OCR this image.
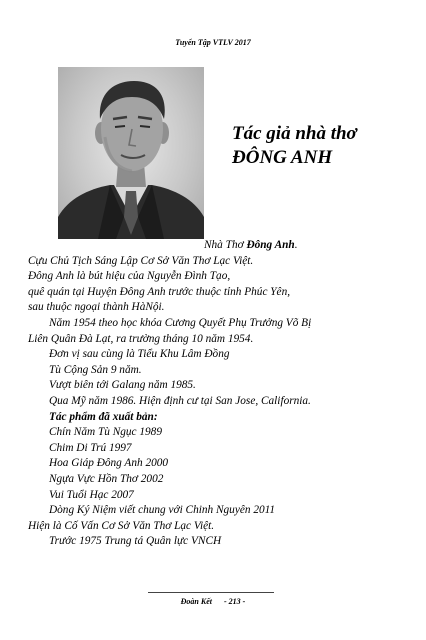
Tuyển Tập VTLV 2017
Tác giả nhà thơ
ĐÔNG ANH
Nhà Thơ Đông Anh.
Cựu Chủ Tịch Sáng Lập Cơ Sở Văn Thơ Lạc Việt.
Đông Anh là bút hiệu của Nguyễn Đình Tạo,
quê quán tại Huyện Đông Anh trước thuộc tỉnh Phúc Yên,
sau thuộc ngoại thành HàNội.
Năm 1954 theo học khóa Cương Quyết Phụ Trưởng Võ Bị
Liên Quân Đà Lạt, ra trường tháng 10 năm 1954.
Đơn vị sau cùng là Tiểu Khu Lâm Đồng
Tù Cộng Sản 9 năm.
Vượt biên tới Galang năm 1985.
Qua Mỹ năm 1986. Hiện định cư tại San Jose, California.
Tác phẩm đã xuất bản:
Chín Năm Tù Ngục 1989
Chim Di Trú 1997
Hoa Giáp Đông Anh 2000
Ngựa Vực Hồn Thơ 2002
Vui Tuổi Hạc 2007
Dòng Ký Niệm viết chung với Chinh Nguyên 2011
Hiện là Cố Vấn Cơ Sở Văn Thơ Lạc Việt.
Trước 1975 Trung tá Quân lực VNCH
Đoàn Kết - 213 -
